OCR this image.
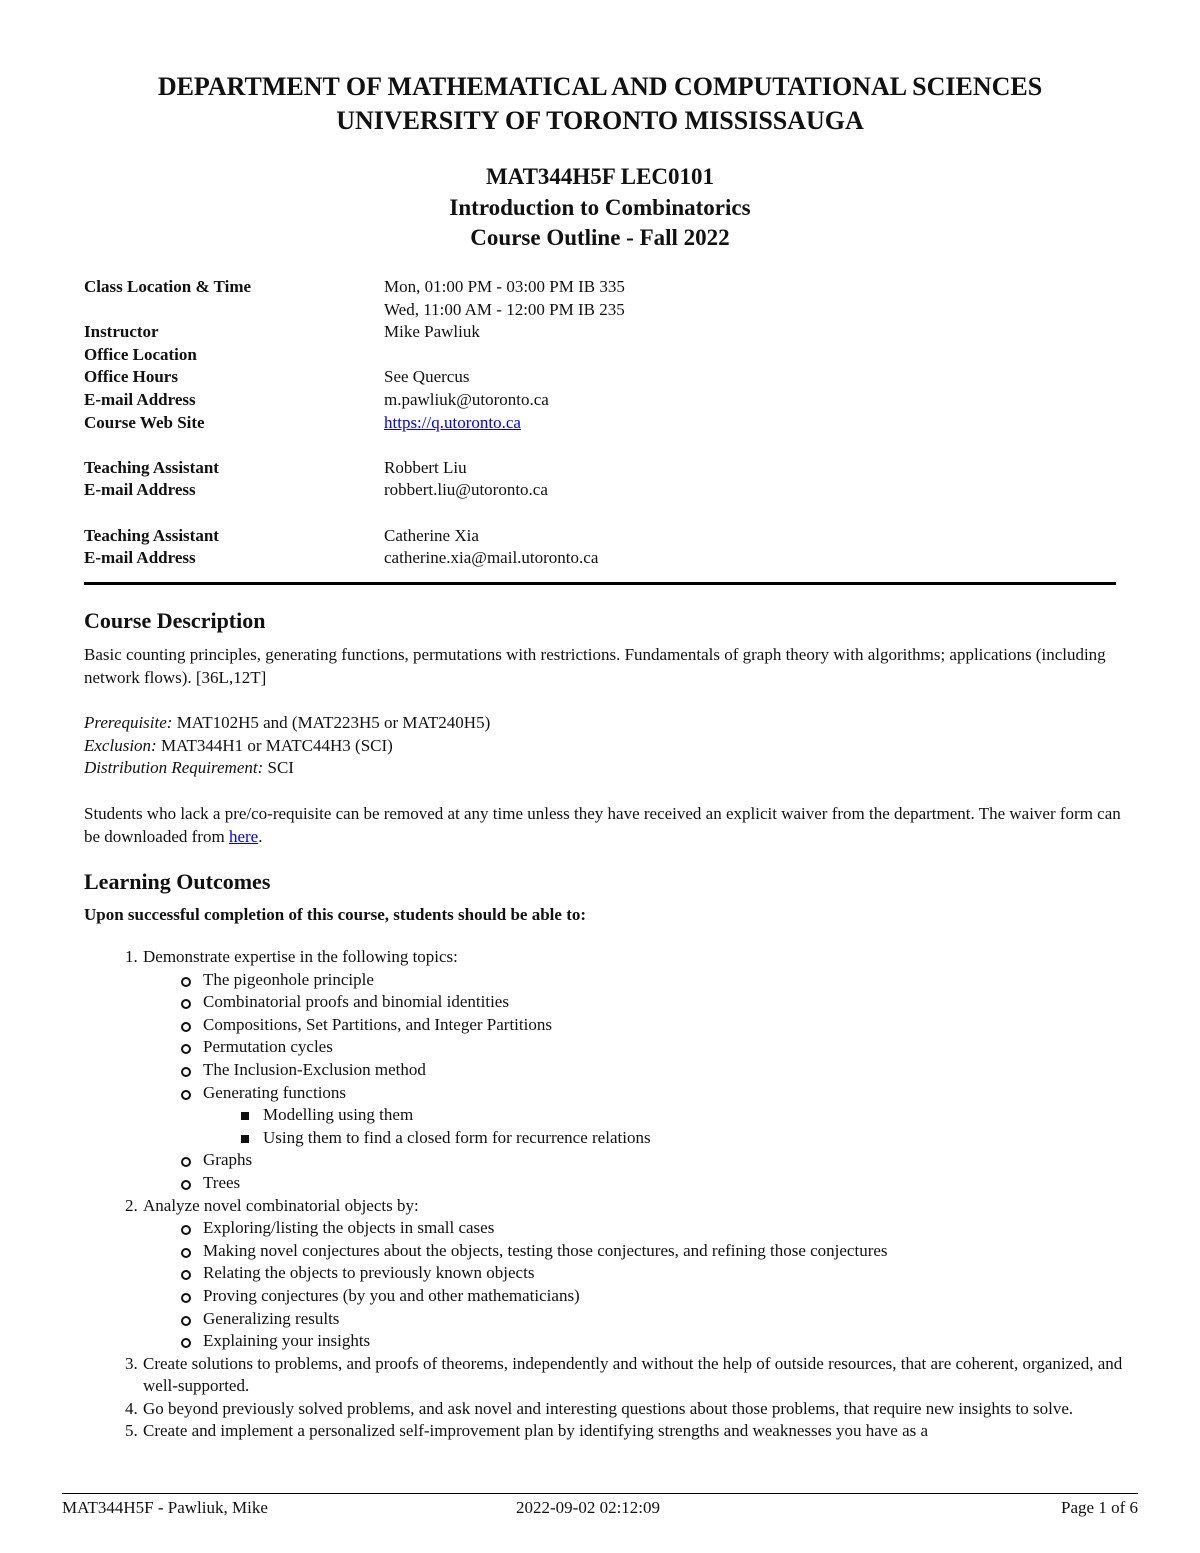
DEPARTMENT OF MATHEMATICAL AND COMPUTATIONAL SCIENCES
UNIVERSITY OF TORONTO MISSISSAUGA
MAT344H5F LEC0101
Introduction to Combinatorics
Course Outline - Fall 2022
Class Location & Time	Mon, 01:00 PM - 03:00 PM IB 335
Wed, 11:00 AM - 12:00 PM IB 235
Instructor	Mike Pawliuk
Office Location
Office Hours	See Quercus
E-mail Address	m.pawliuk@utoronto.ca
Course Web Site	https://q.utoronto.ca
Teaching Assistant	Robbert Liu
E-mail Address	robbert.liu@utoronto.ca
Teaching Assistant	Catherine Xia
E-mail Address	catherine.xia@mail.utoronto.ca
Course Description
Basic counting principles, generating functions, permutations with restrictions. Fundamentals of graph theory with algorithms; applications (including network flows). [36L,12T]
Prerequisite: MAT102H5 and (MAT223H5 or MAT240H5)
Exclusion: MAT344H1 or MATC44H3 (SCI)
Distribution Requirement: SCI
Students who lack a pre/co-requisite can be removed at any time unless they have received an explicit waiver from the department. The waiver form can be downloaded from here.
Learning Outcomes
Upon successful completion of this course, students should be able to:
1. Demonstrate expertise in the following topics:
The pigeonhole principle
Combinatorial proofs and binomial identities
Compositions, Set Partitions, and Integer Partitions
Permutation cycles
The Inclusion-Exclusion method
Generating functions
Modelling using them
Using them to find a closed form for recurrence relations
Graphs
Trees
2. Analyze novel combinatorial objects by:
Exploring/listing the objects in small cases
Making novel conjectures about the objects, testing those conjectures, and refining those conjectures
Relating the objects to previously known objects
Proving conjectures (by you and other mathematicians)
Generalizing results
Explaining your insights
3. Create solutions to problems, and proofs of theorems, independently and without the help of outside resources, that are coherent, organized, and well-supported.
4. Go beyond previously solved problems, and ask novel and interesting questions about those problems, that require new insights to solve.
5. Create and implement a personalized self-improvement plan by identifying strengths and weaknesses you have as a
MAT344H5F - Pawliuk, Mike	2022-09-02 02:12:09	Page 1 of 6
